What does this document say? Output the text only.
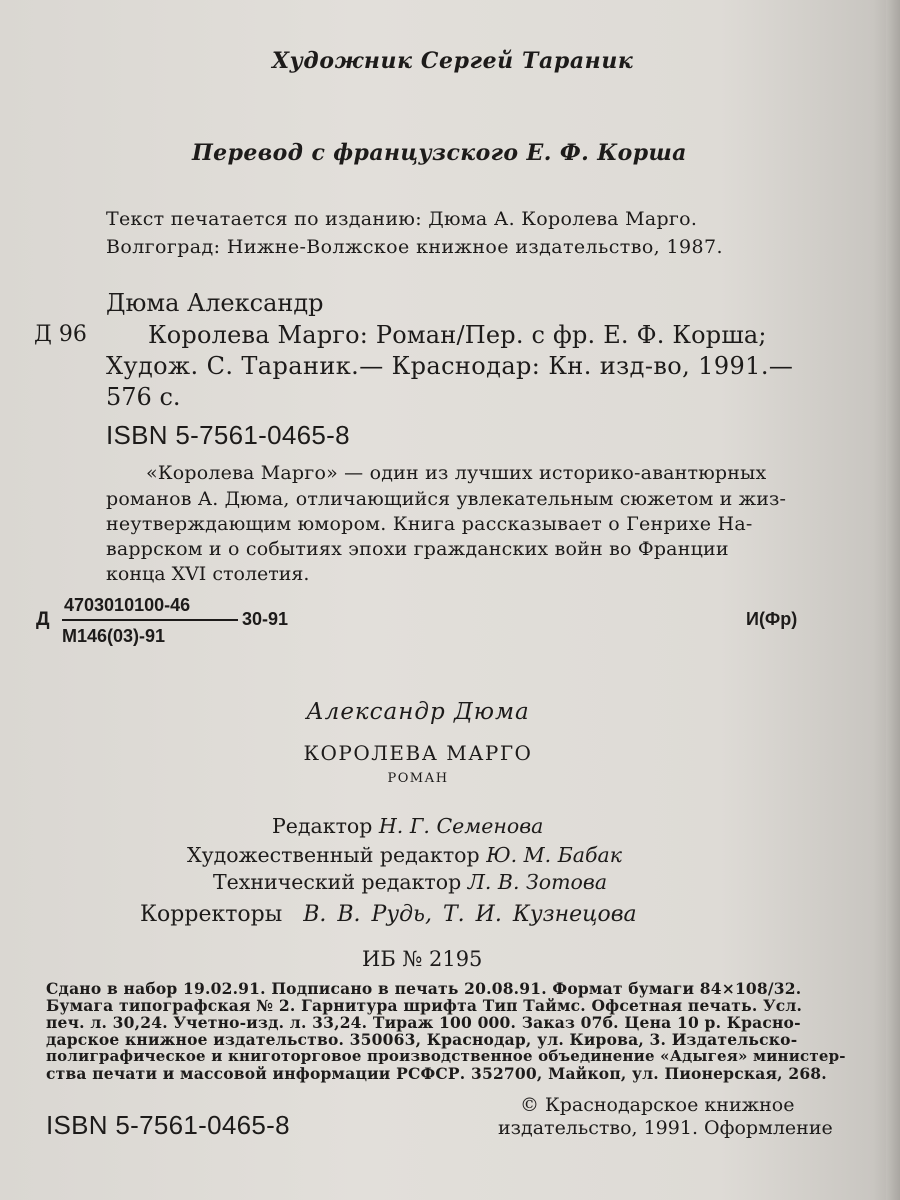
Художник Сергей Тараник
Перевод с французского Е. Ф. Корша
Текст печатается по изданию: Дюма А. Королева Марго.
Волгоград: Нижне-Волжское книжное издательство, 1987.
Дюма Александр
Д 96	Королева Марго: Роман/Пер. с фр. Е. Ф. Корша;
Худож. С. Тараник.— Краснодар: Кн. изд-во, 1991.—
576 с.
ISBN 5-7561-0465-8
«Королева Марго» — один из лучших историко-авантюрных
романов А. Дюма, отличающийся увлекательным сюжетом и жиз-
неутверждающим юмором. Книга рассказывает о Генрихе На-
варрском и о событиях эпохи гражданских войн во Франции
конца XVI столетия.
Д
4703010100-46
М146(03)-91
30-91	И(Фр)
Александр Дюма
КОРОЛЕВА МАРГО
РОМАН
Редактор Н. Г. Семенова
Художественный редактор Ю. М. Бабак
Технический редактор Л. В. Зотова
Корректоры В. В. Рудь, Т. И. Кузнецова
ИБ № 2195
Сдано в набор 19.02.91. Подписано в печать 20.08.91. Формат бумаги 84×108/32.
Бумага типографская № 2. Гарнитура шрифта Тип Таймс. Офсетная печать. Усл.
печ. л. 30,24. Учетно-изд. л. 33,24. Тираж 100 000. Заказ 07б. Цена 10 р. Красно-
дарское книжное издательство. 350063, Краснодар, ул. Кирова, 3. Издательско-
полиграфическое и книготорговое производственное объединение «Адыгея» министер-
ства печати и массовой информации РСФСР. 352700, Майкоп, ул. Пионерская, 268.
ISBN 5-7561-0465-8
© Краснодарское книжное
издательство, 1991. Оформление
